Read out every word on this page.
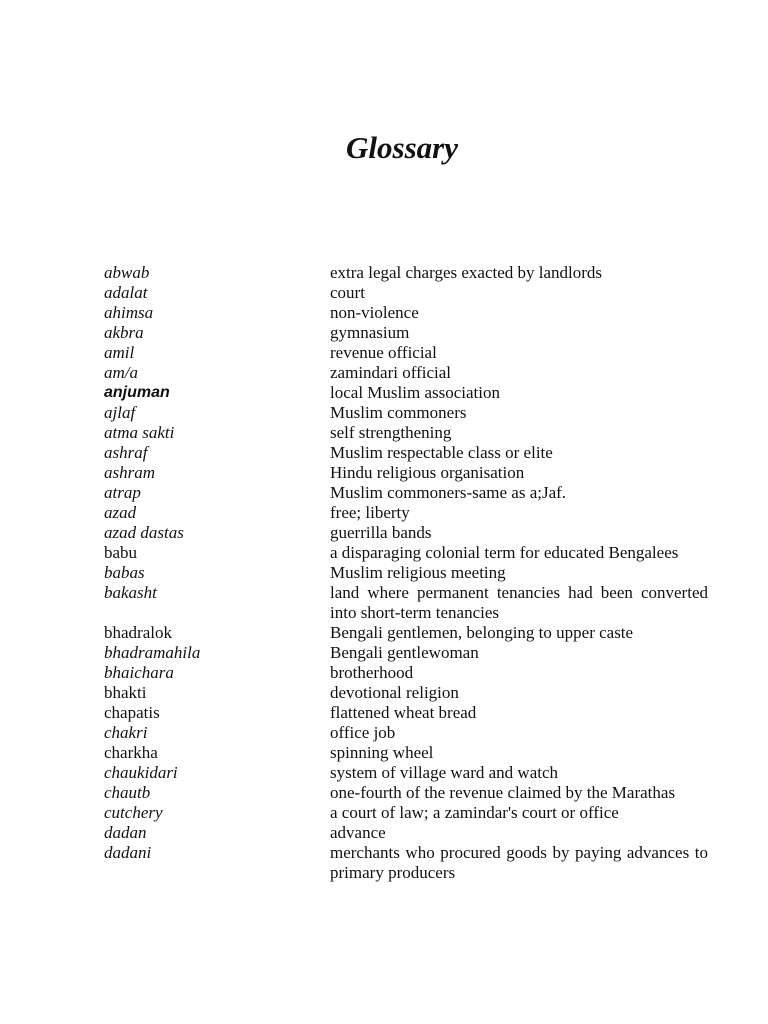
Glossary
abwab	extra legal charges exacted by landlords
adalat	court
ahimsa	non-violence
akbra	gymnasium
amil	revenue official
am/a	zamindari official
anjuman	local Muslim association
ajlaf	Muslim commoners
atma sakti	self strengthening
ashraf	Muslim respectable class or elite
ashram	Hindu religious organisation
atrap	Muslim commoners-same as a;Jaf.
azad	free; liberty
azad dastas	guerrilla bands
babu	a disparaging colonial term for educated Bengalees
babas	Muslim religious meeting
bakasht	land where permanent tenancies had been converted into short-term tenancies
bhadralok	Bengali gentlemen, belonging to upper caste
bhadramahila	Bengali gentlewoman
bhaichara	brotherhood
bhakti	devotional religion
chapatis	flattened wheat bread
chakri	office job
charkha	spinning wheel
chaukidari	system of village ward and watch
chautb	one-fourth of the revenue claimed by the Marathas
cutchery	a court of law; a zamindar's court or office
dadan	advance
dadani	merchants who procured goods by paying advances to primary producers
